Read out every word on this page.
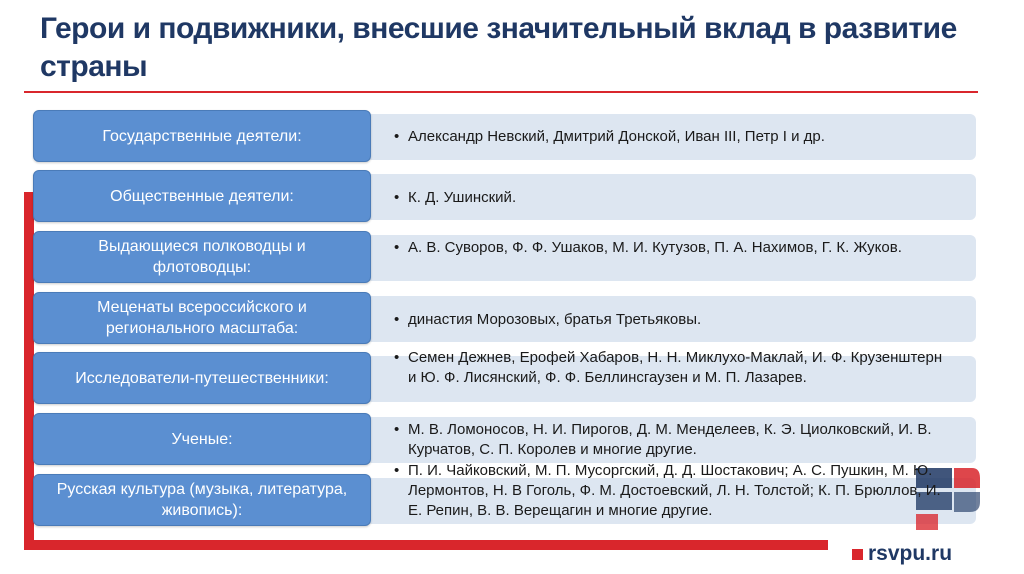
Герои и подвижники, внесшие значительный вклад в развитие страны
Государственные деятели:	• Александр Невский, Дмитрий Донской, Иван III, Петр I и др.
Общественные деятели:	• К. Д. Ушинский.
Выдающиеся полководцы и флотоводцы:
• А. В. Суворов, Ф. Ф. Ушаков, М. И. Кутузов, П. А. Нахимов, Г. К. Жуков.
Меценаты всероссийского и регионального масштаба:
• династия Морозовых, братья Третьяковы.
Исследователи-путешественники:
• Семен Дежнев, Ерофей Хабаров, Н. Н. Миклухо-Маклай, И. Ф. Крузенштерн и Ю. Ф. Лисянский, Ф. Ф. Беллинсгаузен и М. П. Лазарев.
Ученые:
• М. В. Ломоносов, Н. И. Пирогов, Д. М. Менделеев, К. Э. Циолковский, И. В. Курчатов, С. П. Королев и многие другие.
Русская культура (музыка, литература, живопись):
• П. И. Чайковский, М. П. Мусоргский, Д. Д. Шостакович; А. С. Пушкин, М. Ю. Лермонтов, Н. В Гоголь, Ф. М. Достоевский, Л. Н. Толстой; К. П. Брюллов, И. Е. Репин, В. В. Верещагин и многие другие.
rsvpu.ru
